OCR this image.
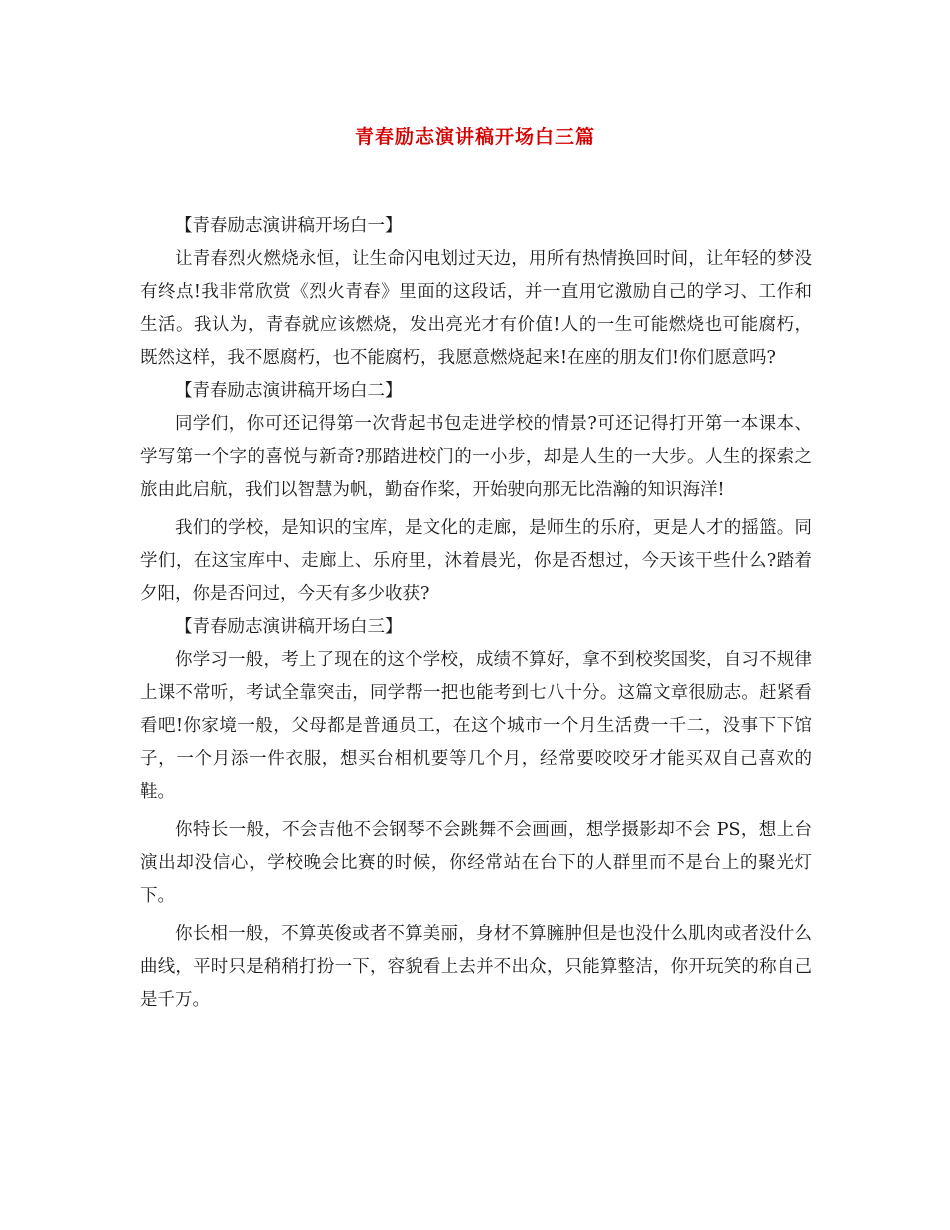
青春励志演讲稿开场白三篇
【青春励志演讲稿开场白一】
让青春烈火燃烧永恒，让生命闪电划过天边，用所有热情换回时间，让年轻的梦没有终点!我非常欣赏《烈火青春》里面的这段话，并一直用它激励自己的学习、工作和生活。我认为，青春就应该燃烧，发出亮光才有价值!人的一生可能燃烧也可能腐朽，既然这样，我不愿腐朽，也不能腐朽，我愿意燃烧起来!在座的朋友们!你们愿意吗?
【青春励志演讲稿开场白二】
同学们，你可还记得第一次背起书包走进学校的情景?可还记得打开第一本课本、学写第一个字的喜悦与新奇?那踏进校门的一小步，却是人生的一大步。人生的探索之旅由此启航，我们以智慧为帆，勤奋作桨，开始驶向那无比浩瀚的知识海洋!
我们的学校，是知识的宝库，是文化的走廊，是师生的乐府，更是人才的摇篮。同学们，在这宝库中、走廊上、乐府里，沐着晨光，你是否想过，今天该干些什么?踏着夕阳，你是否问过，今天有多少收获?
【青春励志演讲稿开场白三】
你学习一般，考上了现在的这个学校，成绩不算好，拿不到校奖国奖，自习不规律上课不常听，考试全靠突击，同学帮一把也能考到七八十分。这篇文章很励志。赶紧看看吧!你家境一般，父母都是普通员工，在这个城市一个月生活费一千二，没事下下馆子，一个月添一件衣服，想买台相机要等几个月，经常要咬咬牙才能买双自己喜欢的鞋。
你特长一般，不会吉他不会钢琴不会跳舞不会画画，想学摄影却不会 PS，想上台演出却没信心，学校晚会比赛的时候，你经常站在台下的人群里而不是台上的聚光灯下。
你长相一般，不算英俊或者不算美丽，身材不算臃肿但是也没什么肌肉或者没什么曲线，平时只是稍稍打扮一下，容貌看上去并不出众，只能算整洁，你开玩笑的称自己是千万。
